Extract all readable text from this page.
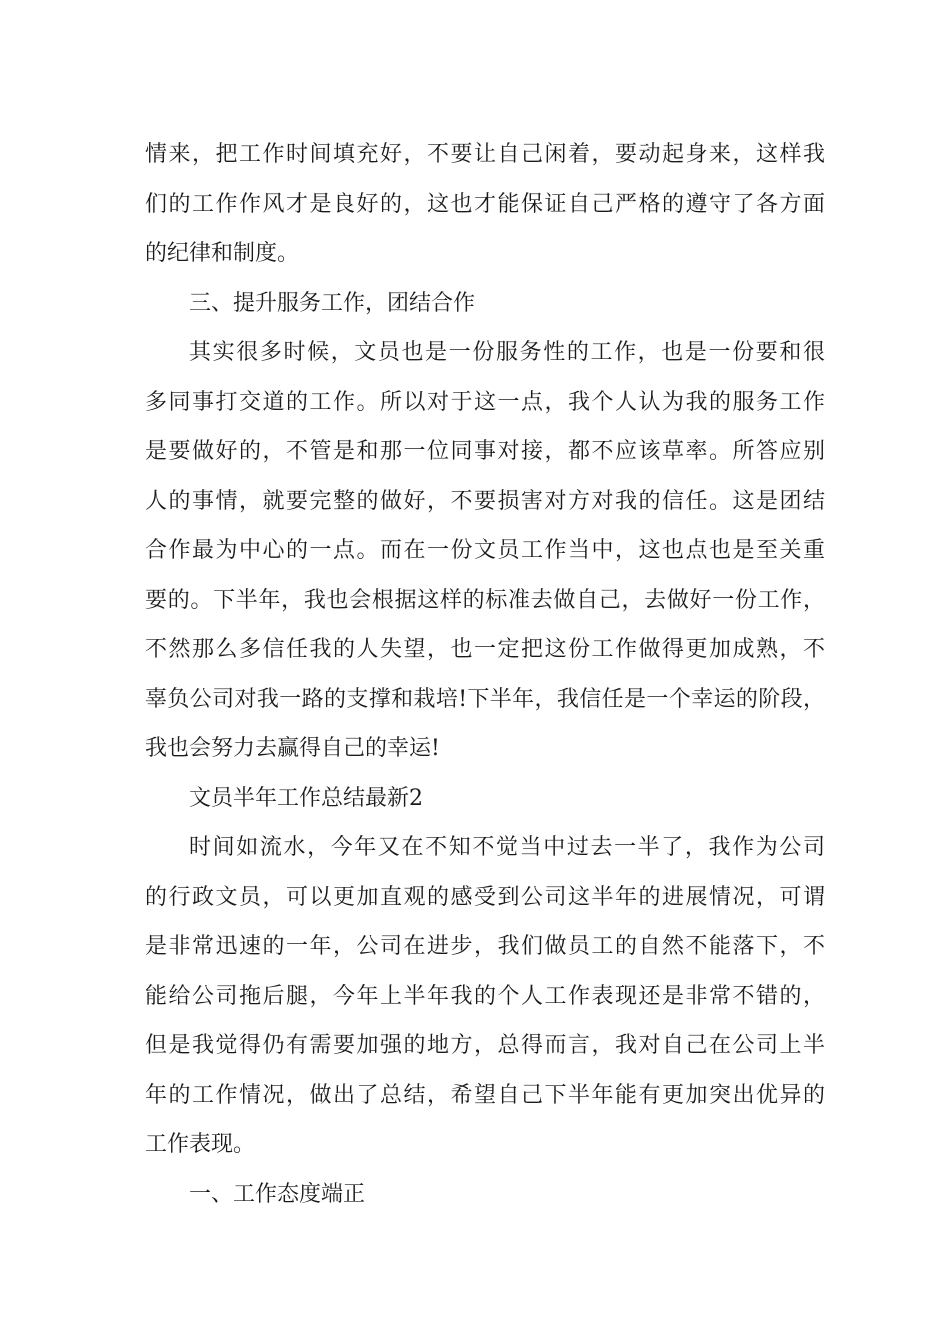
情来，把工作时间填充好，不要让自己闲着，要动起身来，这样我
们的工作作风才是良好的，这也才能保证自己严格的遵守了各方面
的纪律和制度。
三、提升服务工作，团结合作
其实很多时候，文员也是一份服务性的工作，也是一份要和很
多同事打交道的工作。所以对于这一点，我个人认为我的服务工作
是要做好的，不管是和那一位同事对接，都不应该草率。所答应别
人的事情，就要完整的做好，不要损害对方对我的信任。这是团结
合作最为中心的一点。而在一份文员工作当中，这也点也是至关重
要的。下半年，我也会根据这样的标准去做自己，去做好一份工作，
不然那么多信任我的人失望，也一定把这份工作做得更加成熟，不
辜负公司对我一路的支撑和栽培!下半年，我信任是一个幸运的阶段，
我也会努力去赢得自己的幸运!
文员半年工作总结最新2
时间如流水，今年又在不知不觉当中过去一半了，我作为公司
的行政文员，可以更加直观的感受到公司这半年的进展情况，可谓
是非常迅速的一年，公司在进步，我们做员工的自然不能落下，不
能给公司拖后腿，今年上半年我的个人工作表现还是非常不错的，
但是我觉得仍有需要加强的地方，总得而言，我对自己在公司上半
年的工作情况，做出了总结，希望自己下半年能有更加突出优异的
工作表现。
一、工作态度端正
